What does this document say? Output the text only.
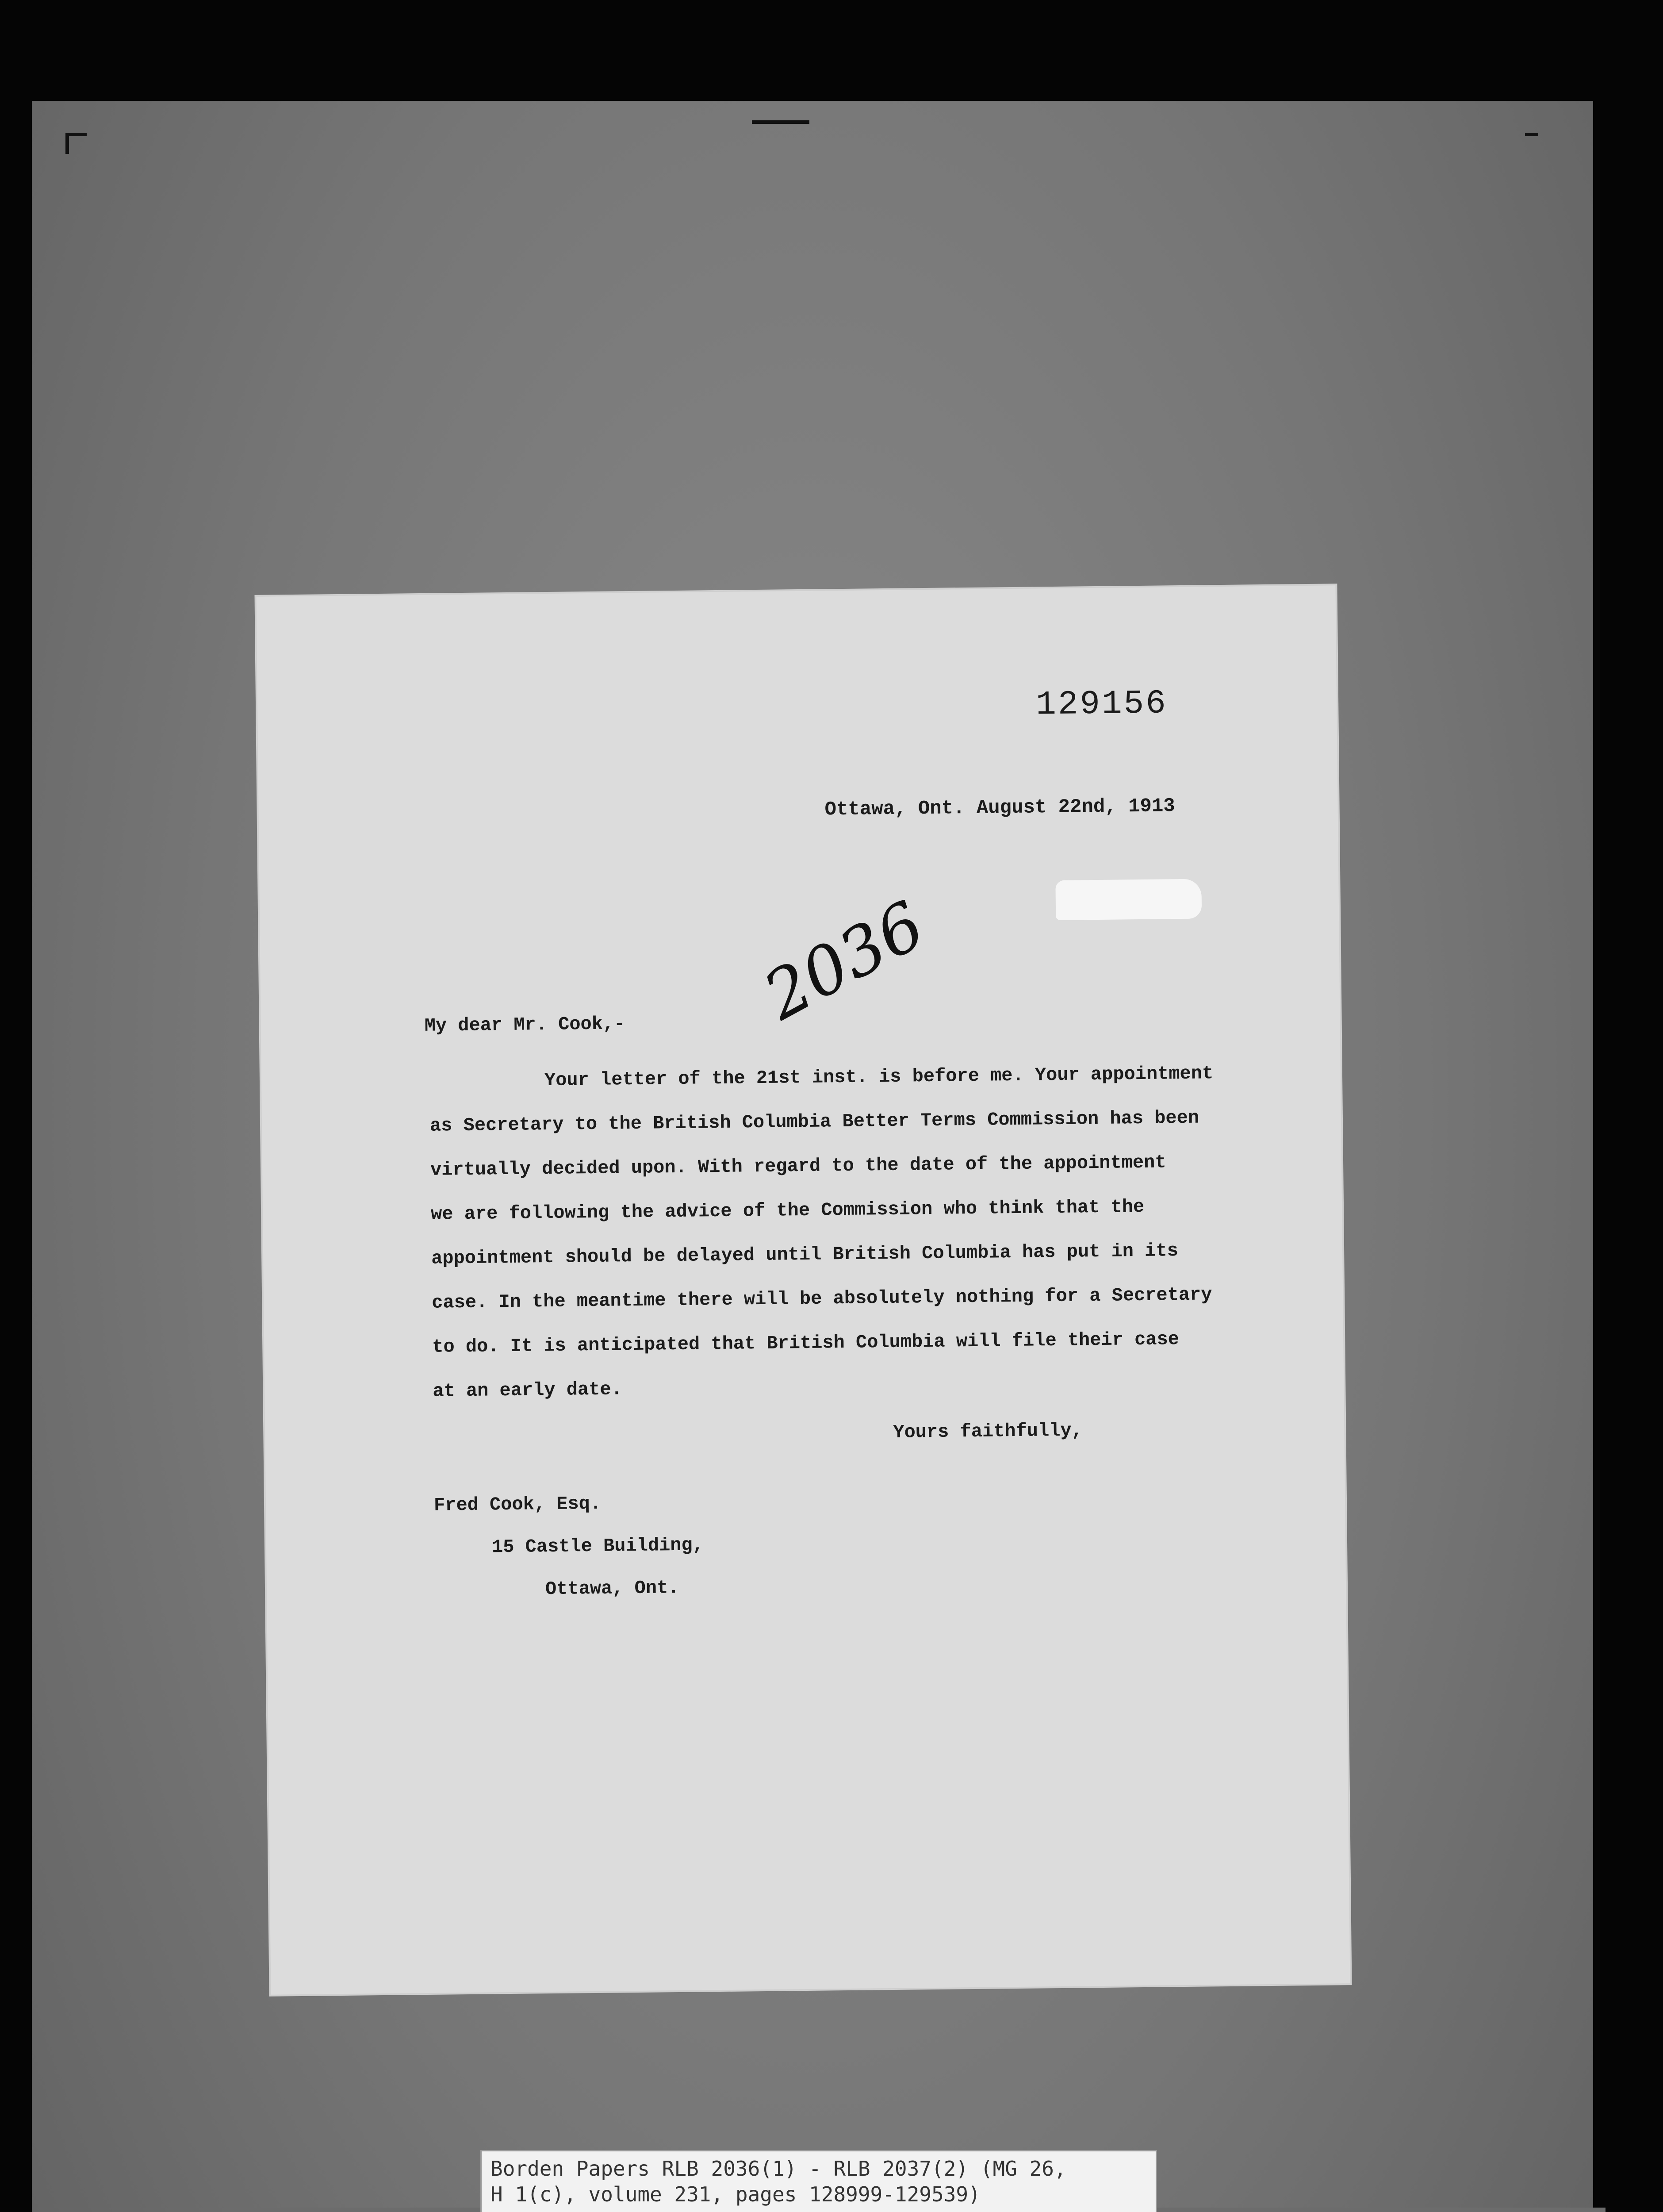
129156
Ottawa, Ont. August 22nd, 1913
2036
My dear Mr. Cook,-

Your letter of the 21st inst. is before me. Your appointment
as Secretary to the British Columbia Better Terms Commission has been
virtually decided upon. With regard to the date of the appointment
we are following the advice of the Commission who think that the
appointment should be delayed until British Columbia has put in its
case. In the meantime there will be absolutely nothing for a Secretary
to do. It is anticipated that British Columbia will file their case
at an early date.

Yours faithfully,
Fred Cook, Esq.
15 Castle Building,
Ottawa, Ont.
Borden Papers RLB 2036(1) - RLB 2037(2) (MG 26,
H 1(c), volume 231, pages 128999-129539)
